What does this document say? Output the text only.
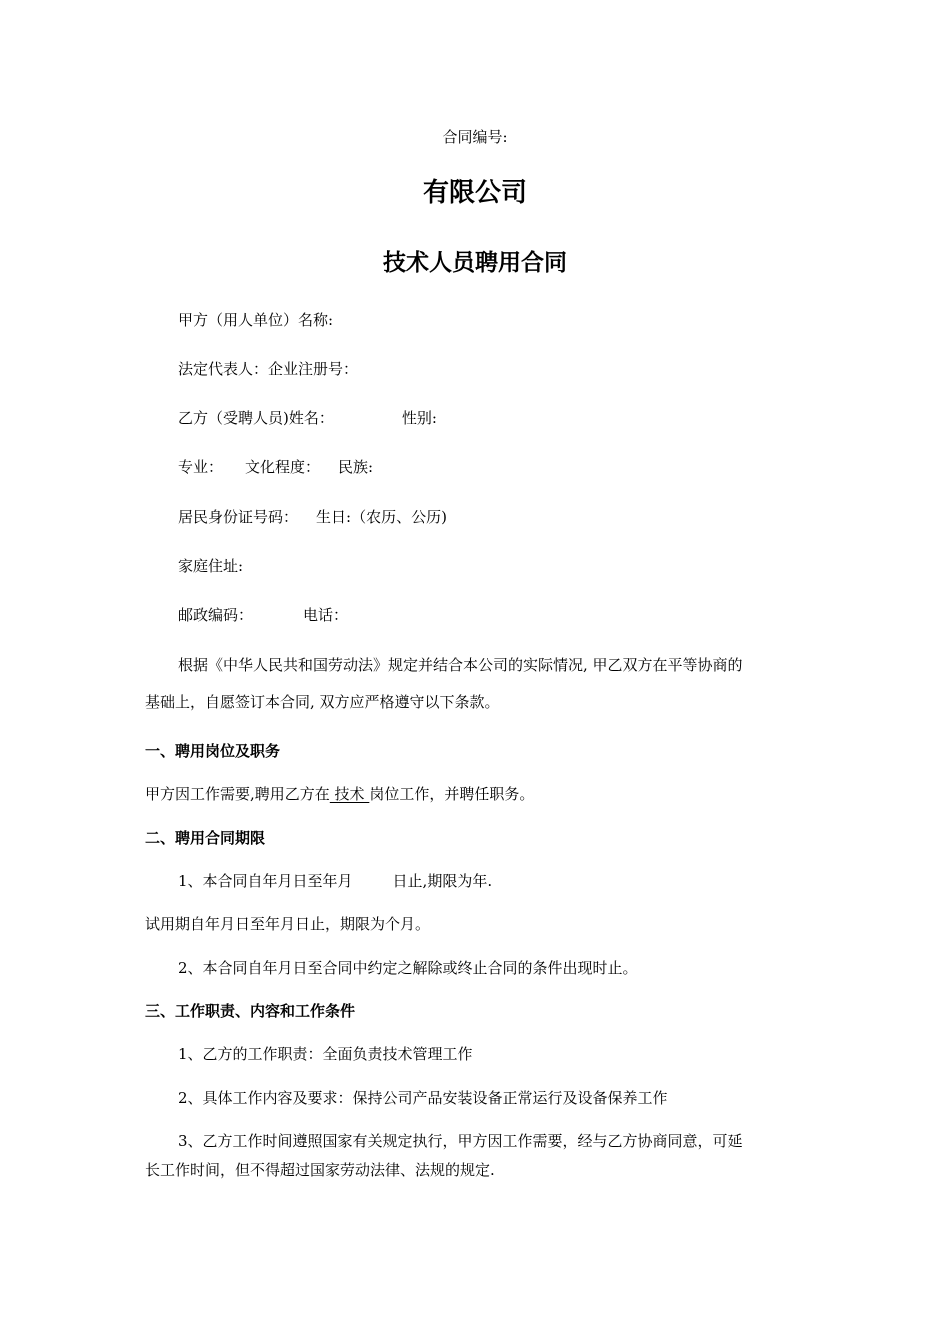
合同编号:
有限公司
技术人员聘用合同
甲方（用人单位）名称:
法定代表人：企业注册号：
乙方（受聘人员)姓名：	性别:
专业： 文化程度： 民族:
居民身份证号码： 生日:（农历、公历)
家庭住址:
邮政编码：	电话：
根据《中华人民共和国劳动法》规定并结合本公司的实际情况, 甲乙双方在平等协商的
基础上，自愿签订本合同, 双方应严格遵守以下条款。
一、聘用岗位及职务
甲方因工作需要,聘用乙方在 技术 岗位工作，并聘任职务。
二、聘用合同期限
1、本合同自年月日至年月	日止,期限为年.
试用期自年月日至年月日止，期限为个月。
2、本合同自年月日至合同中约定之解除或终止合同的条件出现时止。
三、工作职责、内容和工作条件
1、乙方的工作职责：全面负责技术管理工作
2、具体工作内容及要求：保持公司产品安装设备正常运行及设备保养工作
3、乙方工作时间遵照国家有关规定执行，甲方因工作需要，经与乙方协商同意，可延
长工作时间，但不得超过国家劳动法律、法规的规定.
